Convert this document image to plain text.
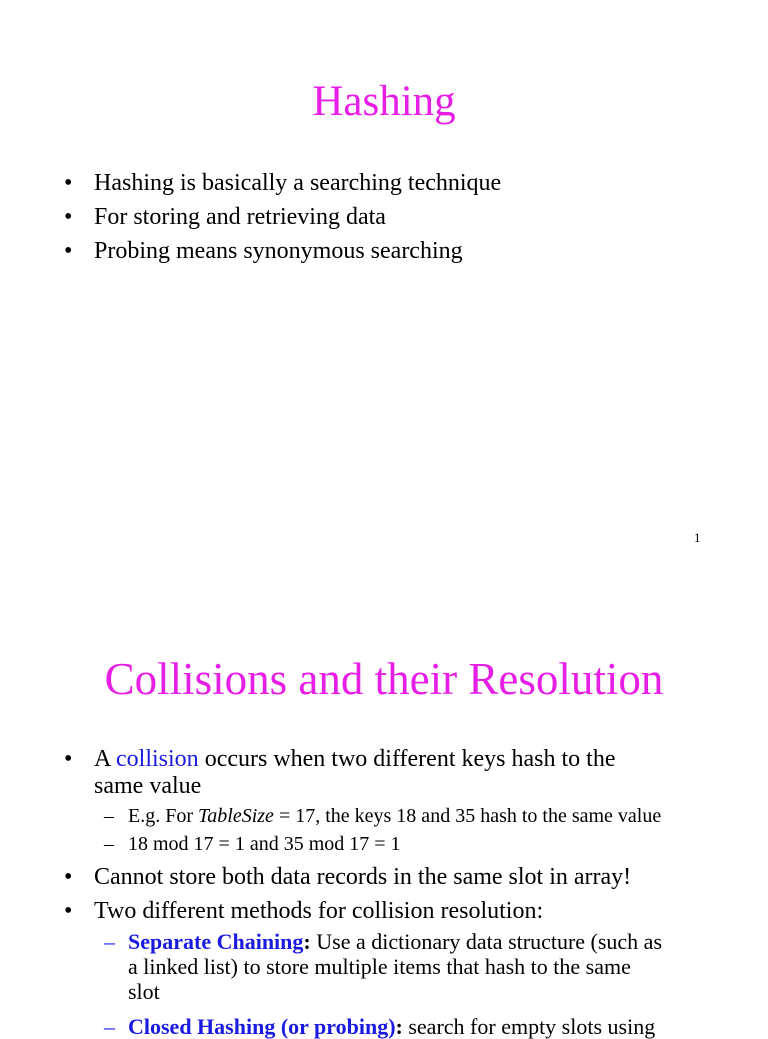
Hashing
• Hashing is basically a searching technique
• For storing and retrieving data
• Probing means synonymous searching
1
Collisions and their Resolution
• A collision occurs when two different keys hash to the
same value
– E.g. For TableSize = 17, the keys 18 and 35 hash to the same value
– 18 mod 17 = 1 and 35 mod 17 = 1
• Cannot store both data records in the same slot in array!
• Two different methods for collision resolution:
– Separate Chaining: Use a dictionary data structure (such as
a linked list) to store multiple items that hash to the same
slot
– Closed Hashing (or probing): search for empty slots using
